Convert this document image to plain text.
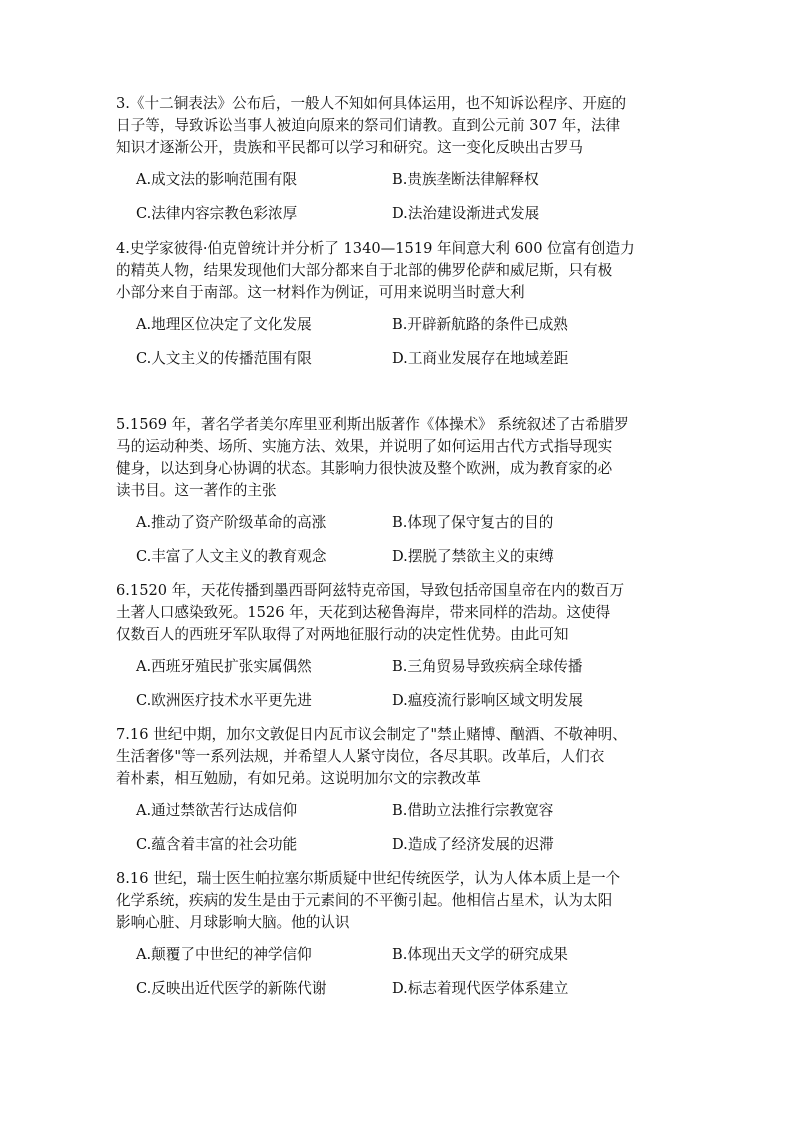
3.《十二铜表法》公布后，一般人不知如何具体运用，也不知诉讼程序、开庭的

日子等，导致诉讼当事人被迫向原来的祭司们请教。直到公元前 307 年，法律

知识才逐渐公开，贵族和平民都可以学习和研究。这一变化反映出古罗马

A.成文法的影响范围有限	B.贵族垄断法律解释权
C.法律内容宗教色彩浓厚	D.法治建设渐进式发展

4.史学家彼得·伯克曾统计并分析了 1340—1519 年间意大利 600 位富有创造力

的精英人物，结果发现他们大部分都来自于北部的佛罗伦萨和威尼斯，只有极

小部分来自于南部。这一材料作为例证，可用来说明当时意大利

A.地理区位决定了文化发展	B.开辟新航路的条件已成熟
C.人文主义的传播范围有限	D.工商业发展存在地域差距

5.1569 年，著名学者美尔库里亚利斯出版著作《体操术》 系统叙述了古希腊罗

马的运动种类、场所、实施方法、效果，并说明了如何运用古代方式指导现实

健身，以达到身心协调的状态。其影响力很快波及整个欧洲，成为教育家的必

读书目。这一著作的主张

A.推动了资产阶级革命的高涨	B.体现了保守复古的目的
C.丰富了人文主义的教育观念	D.摆脱了禁欲主义的束缚

6.1520 年，天花传播到墨西哥阿兹特克帝国，导致包括帝国皇帝在内的数百万

土著人口感染致死。1526 年，天花到达秘鲁海岸，带来同样的浩劫。这使得

仅数百人的西班牙军队取得了对两地征服行动的决定性优势。由此可知

A.西班牙殖民扩张实属偶然	B.三角贸易导致疾病全球传播
C.欧洲医疗技术水平更先进	D.瘟疫流行影响区域文明发展

7.16 世纪中期，加尔文敦促日内瓦市议会制定了"禁止赌博、酗酒、不敬神明、

生活奢侈"等一系列法规，并希望人人紧守岗位，各尽其职。改革后，人们衣

着朴素，相互勉励，有如兄弟。这说明加尔文的宗教改革

A.通过禁欲苦行达成信仰	B.借助立法推行宗教宽容
C.蕴含着丰富的社会功能	D.造成了经济发展的迟滞

8.16 世纪，瑞士医生帕拉塞尔斯质疑中世纪传统医学，认为人体本质上是一个

化学系统，疾病的发生是由于元素间的不平衡引起。他相信占星术，认为太阳

影响心脏、月球影响大脑。他的认识

A.颠覆了中世纪的神学信仰	B.体现出天文学的研究成果
C.反映出近代医学的新陈代谢	D.标志着现代医学体系建立
